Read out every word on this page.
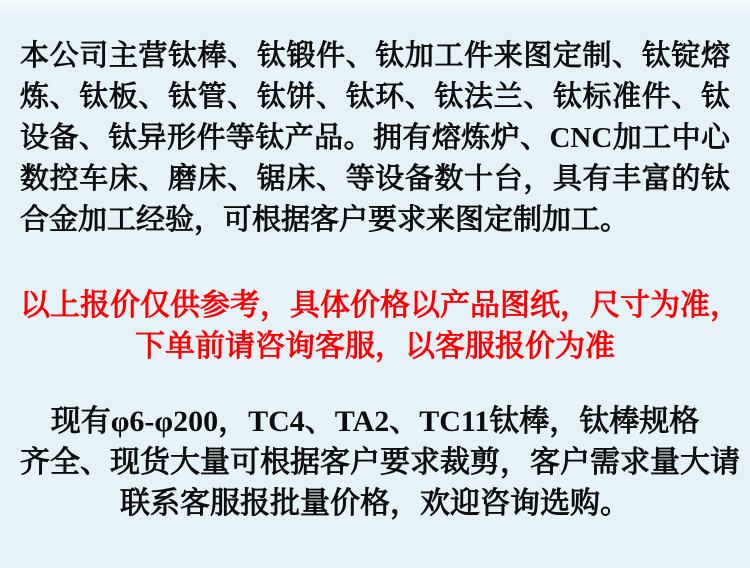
本公司主营钛棒、钛锻件、钛加工件来图定制、钛锭熔
炼、钛板、钛管、钛饼、钛环、钛法兰、钛标准件、钛
设备、钛异形件等钛产品。拥有熔炼炉、CNC加工中心
数控车床、磨床、锯床、等设备数十台，具有丰富的钛
合金加工经验，可根据客户要求来图定制加工。
以上报价仅供参考，具体价格以产品图纸，尺寸为准，
下单前请咨询客服，以客服报价为准
现有φ6-φ200，TC4、TA2、TC11钛棒，钛棒规格
齐全、现货大量可根据客户要求裁剪，客户需求量大请
联系客服报批量价格，欢迎咨询选购。
